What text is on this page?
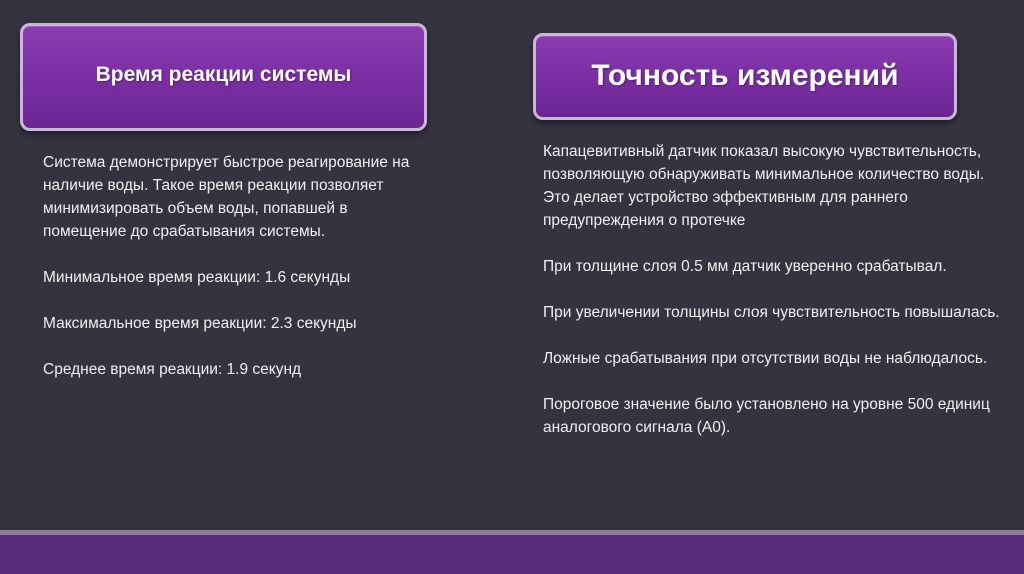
Время реакции системы	Точность измерений

Система демонстрирует быстрое реагирование на наличие воды. Такое время реакции позволяет минимизировать объем воды, попавшей в помещение до срабатывания системы.

Минимальное время реакции: 1.6 секунды

Максимальное время реакции: 2.3 секунды

Среднее время реакции: 1.9 секунд

Капацевитивный датчик показал высокую чувствительность, позволяющую обнаруживать минимальное количество воды. Это делает устройство эффективным для раннего предупреждения о протечке

При толщине слоя 0.5 мм датчик уверенно срабатывал.

При увеличении толщины слоя чувствительность повышалась.

Ложные срабатывания при отсутствии воды не наблюдалось.

Пороговое значение было установлено на уровне 500 единиц аналогового сигнала (A0).
